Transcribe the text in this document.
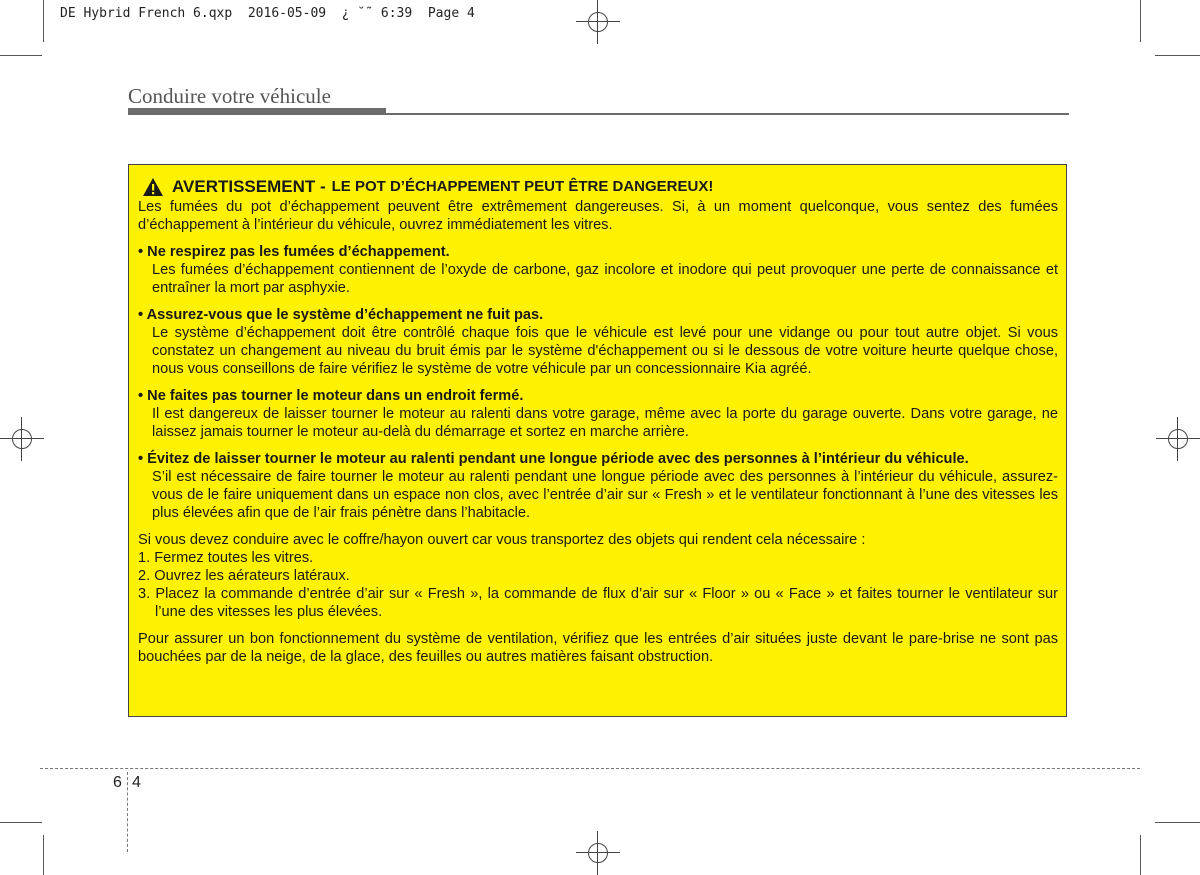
DE Hybrid French 6.qxp  2016-05-09  ¿ ˘˜ 6:39  Page 4
Conduire votre véhicule
AVERTISSEMENT - LE POT D’ÉCHAPPEMENT PEUT ÊTRE DANGEREUX!

Les fumées du pot d’échappement peuvent être extrêmement dangereuses. Si, à un moment quelconque, vous sentez des fumées d’échappement à l’intérieur du véhicule, ouvrez immédiatement les vitres.

• Ne respirez pas les fumées d’échappement.

Les fumées d’échappement contiennent de l’oxyde de carbone, gaz incolore et inodore qui peut provoquer une perte de connaissance et entraîner la mort par asphyxie.

• Assurez-vous que le système d’échappement ne fuit pas.

Le système d’échappement doit être contrôlé chaque fois que le véhicule est levé pour une vidange ou pour tout autre objet. Si vous constatez un changement au niveau du bruit émis par le système d'échappement ou si le dessous de votre voiture heurte quelque chose, nous vous conseillons de faire vérifiez le système de votre véhicule par un concessionnaire Kia agréé.

• Ne faites pas tourner le moteur dans un endroit fermé.

Il est dangereux de laisser tourner le moteur au ralenti dans votre garage, même avec la porte du garage ouverte. Dans votre garage, ne laissez jamais tourner le moteur au-delà du démarrage et sortez en marche arrière.

• Évitez de laisser tourner le moteur au ralenti pendant une longue période avec des personnes à l’intérieur du véhicule.

S’il est nécessaire de faire tourner le moteur au ralenti pendant une longue période avec des personnes à l’intérieur du véhicule, assurez-vous de le faire uniquement dans un espace non clos, avec l’entrée d’air sur « Fresh » et le ventilateur fonctionnant à l’une des vitesses les plus élevées afin que de l’air frais pénètre dans l’habitacle.

Si vous devez conduire avec le coffre/hayon ouvert car vous transportez des objets qui rendent cela nécessaire :

1. Fermez toutes les vitres.

2. Ouvrez les aérateurs latéraux.

3. Placez la commande d’entrée d’air sur « Fresh », la commande de flux d’air sur « Floor » ou « Face » et faites tourner le ventilateur sur l’une des vitesses les plus élevées.

Pour assurer un bon fonctionnement du système de ventilation, vérifiez que les entrées d’air situées juste devant le pare-brise ne sont pas bouchées par de la neige, de la glace, des feuilles ou autres matières faisant obstruction.

6 4
